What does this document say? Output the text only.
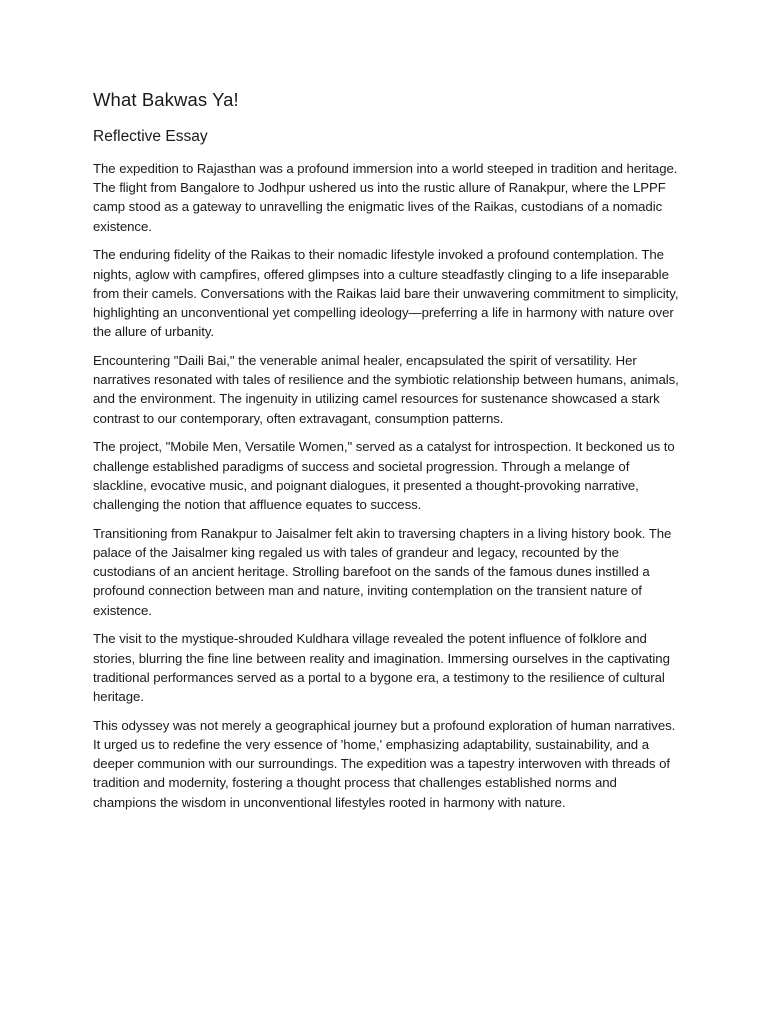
What Bakwas Ya!
Reflective Essay

The expedition to Rajasthan was a profound immersion into a world steeped in tradition and heritage. The flight from Bangalore to Jodhpur ushered us into the rustic allure of Ranakpur, where the LPPF camp stood as a gateway to unravelling the enigmatic lives of the Raikas, custodians of a nomadic existence.

The enduring fidelity of the Raikas to their nomadic lifestyle invoked a profound contemplation. The nights, aglow with campfires, offered glimpses into a culture steadfastly clinging to a life inseparable from their camels. Conversations with the Raikas laid bare their unwavering commitment to simplicity, highlighting an unconventional yet compelling ideology—preferring a life in harmony with nature over the allure of urbanity.

Encountering "Daili Bai," the venerable animal healer, encapsulated the spirit of versatility. Her narratives resonated with tales of resilience and the symbiotic relationship between humans, animals, and the environment. The ingenuity in utilizing camel resources for sustenance showcased a stark contrast to our contemporary, often extravagant, consumption patterns.

The project, "Mobile Men, Versatile Women," served as a catalyst for introspection. It beckoned us to challenge established paradigms of success and societal progression. Through a melange of slackline, evocative music, and poignant dialogues, it presented a thought-provoking narrative, challenging the notion that affluence equates to success.

Transitioning from Ranakpur to Jaisalmer felt akin to traversing chapters in a living history book. The palace of the Jaisalmer king regaled us with tales of grandeur and legacy, recounted by the custodians of an ancient heritage. Strolling barefoot on the sands of the famous dunes instilled a profound connection between man and nature, inviting contemplation on the transient nature of existence.

The visit to the mystique-shrouded Kuldhara village revealed the potent influence of folklore and stories, blurring the fine line between reality and imagination. Immersing ourselves in the captivating traditional performances served as a portal to a bygone era, a testimony to the resilience of cultural heritage.

This odyssey was not merely a geographical journey but a profound exploration of human narratives. It urged us to redefine the very essence of 'home,' emphasizing adaptability, sustainability, and a deeper communion with our surroundings. The expedition was a tapestry interwoven with threads of tradition and modernity, fostering a thought process that challenges established norms and champions the wisdom in unconventional lifestyles rooted in harmony with nature.
